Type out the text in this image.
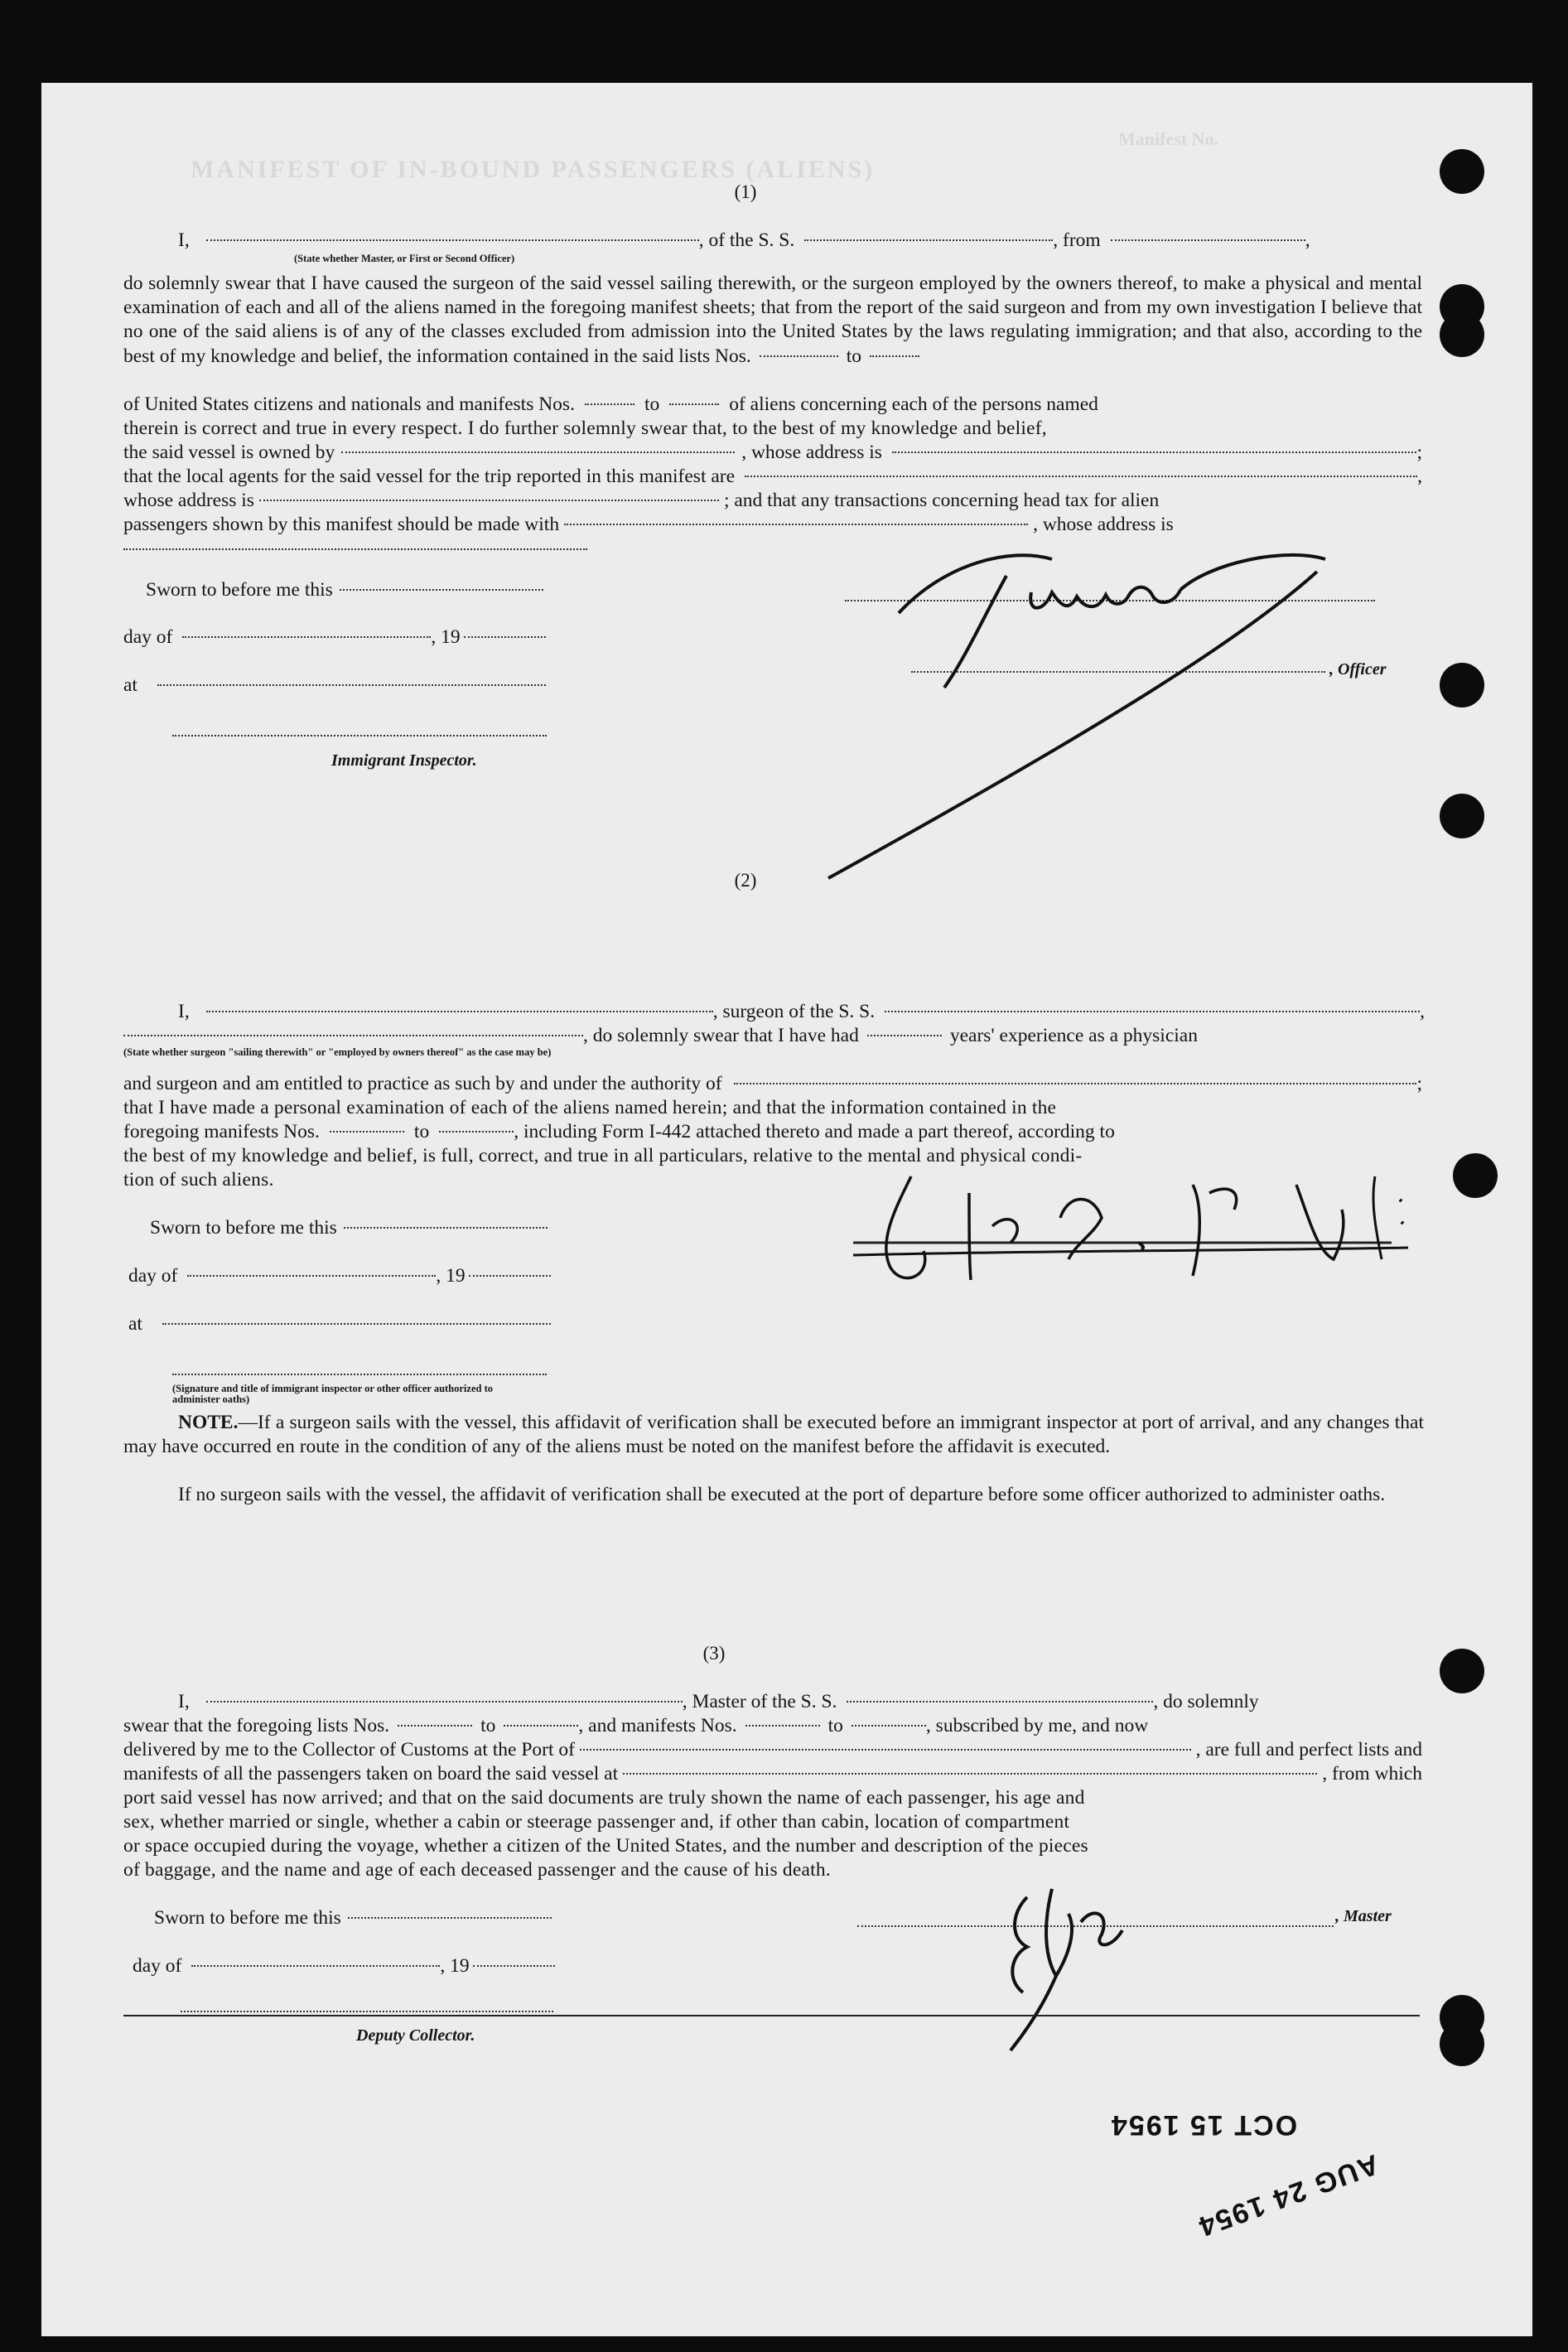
MANIFEST OF IN-BOUND PASSENGERS (ALIENS)
Manifest No.
(1)
I,	, of the S. S.	, from	,
(State whether Master, or First or Second Officer)
do solemnly swear that I have caused the surgeon of the said vessel sailing therewith, or the surgeon employed by the owners thereof, to make a physical and mental examination of each and all of the aliens named in the foregoing manifest sheets; that from the report of the said surgeon and from my own investigation I believe that no one of the said aliens is of any of the classes excluded from admission into the United States by the laws regulating immigration; and that also, according to the best of my knowledge and belief, the information contained in the said lists Nos.	to
of United States citizens and nationals and manifests Nos.	to	of aliens concerning each of the persons named
therein is correct and true in every respect. I do further solemnly swear that, to the best of my knowledge and belief,
the said vessel is owned by	, whose address is	;
that the local agents for the said vessel for the trip reported in this manifest are	,
whose address is	; and that any transactions concerning head tax for alien
passengers shown by this manifest should be made with	, whose address is
Sworn to before me this
day of	, 19
at
Immigrant Inspector.
, Officer
(2)
I,	, surgeon of the S. S.	,
, do solemnly swear that I have had	years' experience as a physician
(State whether surgeon "sailing therewith" or "employed by owners thereof" as the case may be)
and surgeon and am entitled to practice as such by and under the authority of	;
that I have made a personal examination of each of the aliens named herein; and that the information contained in the
foregoing manifests Nos.	to	, including Form I-442 attached thereto and made a part thereof, according to
the best of my knowledge and belief, is full, correct, and true in all particulars, relative to the mental and physical condi-
tion of such aliens.
Sworn to before me this
day of	, 19
at
(Signature and title of immigrant inspector or other officer authorized to administer oaths)
NOTE.—If a surgeon sails with the vessel, this affidavit of verification shall be executed before an immigrant inspector at port of arrival, and any changes that may have occurred en route in the condition of any of the aliens must be noted on the manifest before the affidavit is executed.
If no surgeon sails with the vessel, the affidavit of verification shall be executed at the port of departure before some officer authorized to administer oaths.
(3)
I,	, Master of the S. S.	, do solemnly
swear that the foregoing lists Nos.	to	, and manifests Nos.	to	, subscribed by me, and now
delivered by me to the Collector of Customs at the Port of	, are full and perfect lists and
manifests of all the passengers taken on board the said vessel at	, from which
port said vessel has now arrived; and that on the said documents are truly shown the name of each passenger, his age and
sex, whether married or single, whether a cabin or steerage passenger and, if other than cabin, location of compartment
or space occupied during the voyage, whether a citizen of the United States, and the number and description of the pieces
of baggage, and the name and age of each deceased passenger and the cause of his death.
Sworn to before me this
day of	, 19
Deputy Collector.
, Master
OCT 15 1954
AUG 24 1954
